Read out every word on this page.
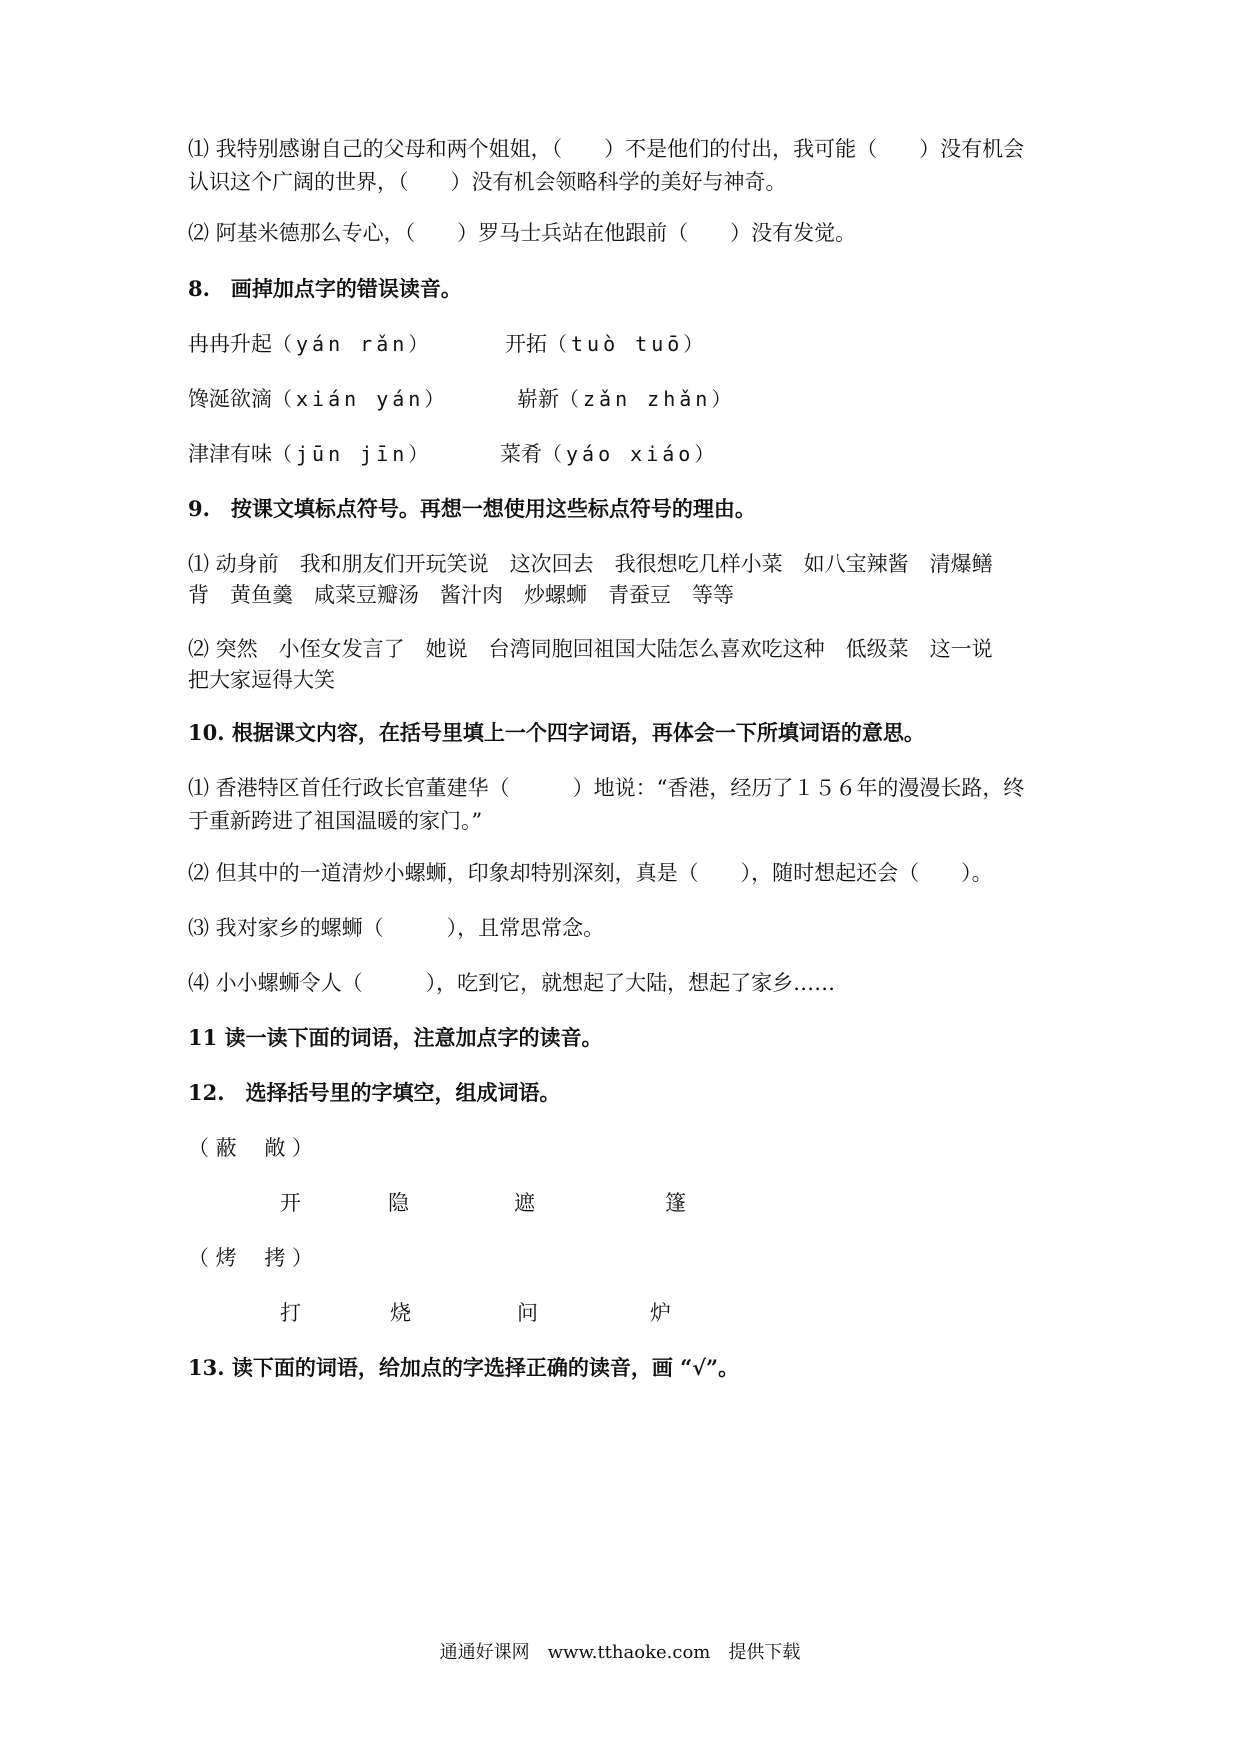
⑴ 我特别感谢自己的父母和两个姐姐，（　　）不是他们的付出，我可能（　　）没有机会
认识这个广阔的世界，（　　）没有机会领略科学的美好与神奇。
⑵ 阿基米德那么专心，（　　）罗马士兵站在他跟前（　　）没有发觉。
8.　画掉加点字的错误读音。
冉冉升起（yán rǎn）	开拓（tuò tuō）
馋涎欲滴（xián yán）	崭新（zǎn zhǎn）
津津有味（jūn jīn）	菜肴（yáo xiáo）
9.　按课文填标点符号。再想一想使用这些标点符号的理由。
⑴ 动身前　我和朋友们开玩笑说　这次回去　我很想吃几样小菜　如八宝辣酱　清爆鳝
背　黄鱼羹　咸菜豆瓣汤　酱汁肉　炒螺蛳　青蚕豆　等等
⑵ 突然　小侄女发言了　她说　台湾同胞回祖国大陆怎么喜欢吃这种　低级菜　这一说
把大家逗得大笑
10. 根据课文内容，在括号里填上一个四字词语，再体会一下所填词语的意思。
⑴ 香港特区首任行政长官董建华（　　　）地说：“香港，经历了１５６年的漫漫长路，终
于重新跨进了祖国温暖的家门。”
⑵ 但其中的一道清炒小螺蛳，印象却特别深刻，真是（　　），随时想起还会（　　）。
⑶ 我对家乡的螺蛳（　　　），且常思常念。
⑷ 小小螺蛳令人（　　　），吃到它，就想起了大陆，想起了家乡……
11 读一读下面的词语，注意加点字的读音。
12.　选择括号里的字填空，组成词语。
（ 蔽　 敞 ）
开	隐	遮	篷
（ 烤　 拷 ）
打	烧	问	炉
13. 读下面的词语，给加点的字选择正确的读音，画 “√”。
通通好课网　www.tthaoke.com　提供下载
